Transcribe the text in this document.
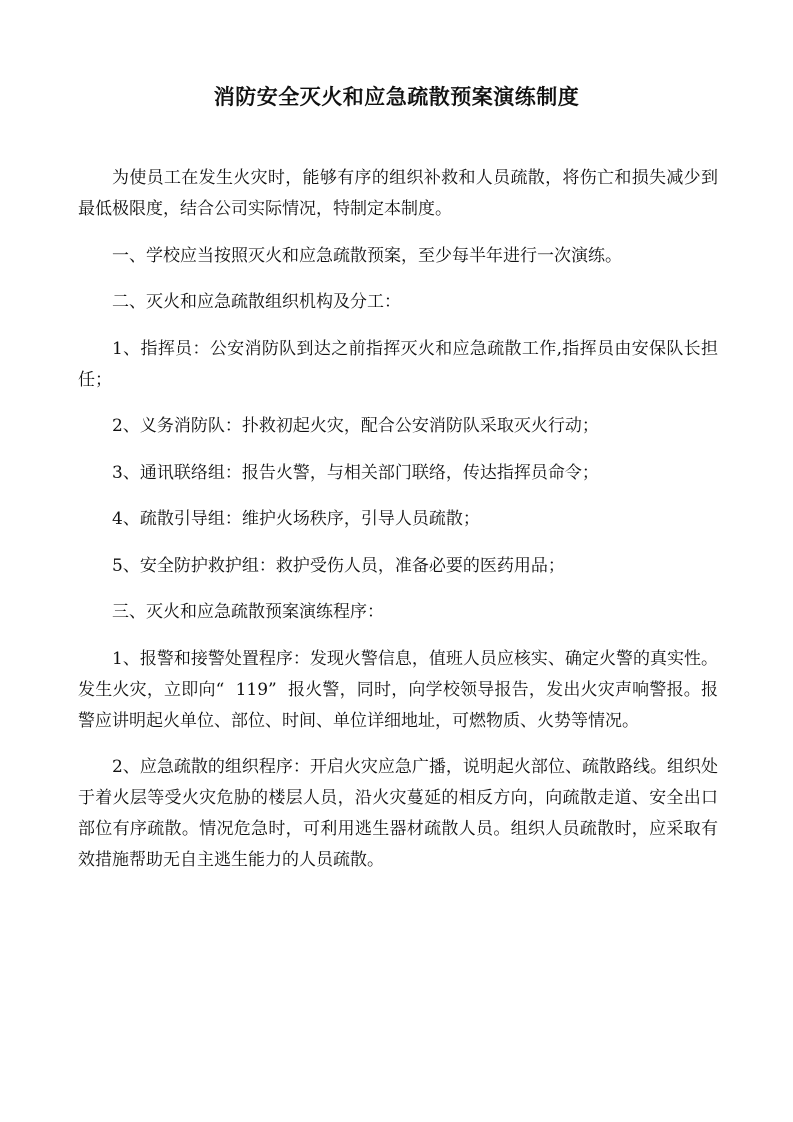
消防安全灭火和应急疏散预案演练制度

为使员工在发生火灾时，能够有序的组织补救和人员疏散，将伤亡和损失减少到最低极限度，结合公司实际情况，特制定本制度。

一、学校应当按照灭火和应急疏散预案，至少每半年进行一次演练。

二、灭火和应急疏散组织机构及分工：

1、指挥员：公安消防队到达之前指挥灭火和应急疏散工作,指挥员由安保队长担任；

2、义务消防队：扑救初起火灾，配合公安消防队采取灭火行动；

3、通讯联络组：报告火警，与相关部门联络，传达指挥员命令；

4、疏散引导组：维护火场秩序，引导人员疏散；

5、安全防护救护组：救护受伤人员，准备必要的医药用品；

三、灭火和应急疏散预案演练程序：

1、报警和接警处置程序：发现火警信息，值班人员应核实、确定火警的真实性。发生火灾，立即向“  119”  报火警，同时，向学校领导报告，发出火灾声响警报。报警应讲明起火单位、部位、时间、单位详细地址，可燃物质、火势等情况。

2、应急疏散的组织程序：开启火灾应急广播，说明起火部位、疏散路线。组织处于着火层等受火灾危胁的楼层人员，沿火灾蔓延的相反方向，向疏散走道、安全出口部位有序疏散。情况危急时，可利用逃生器材疏散人员。组织人员疏散时，应采取有效措施帮助无自主逃生能力的人员疏散。
